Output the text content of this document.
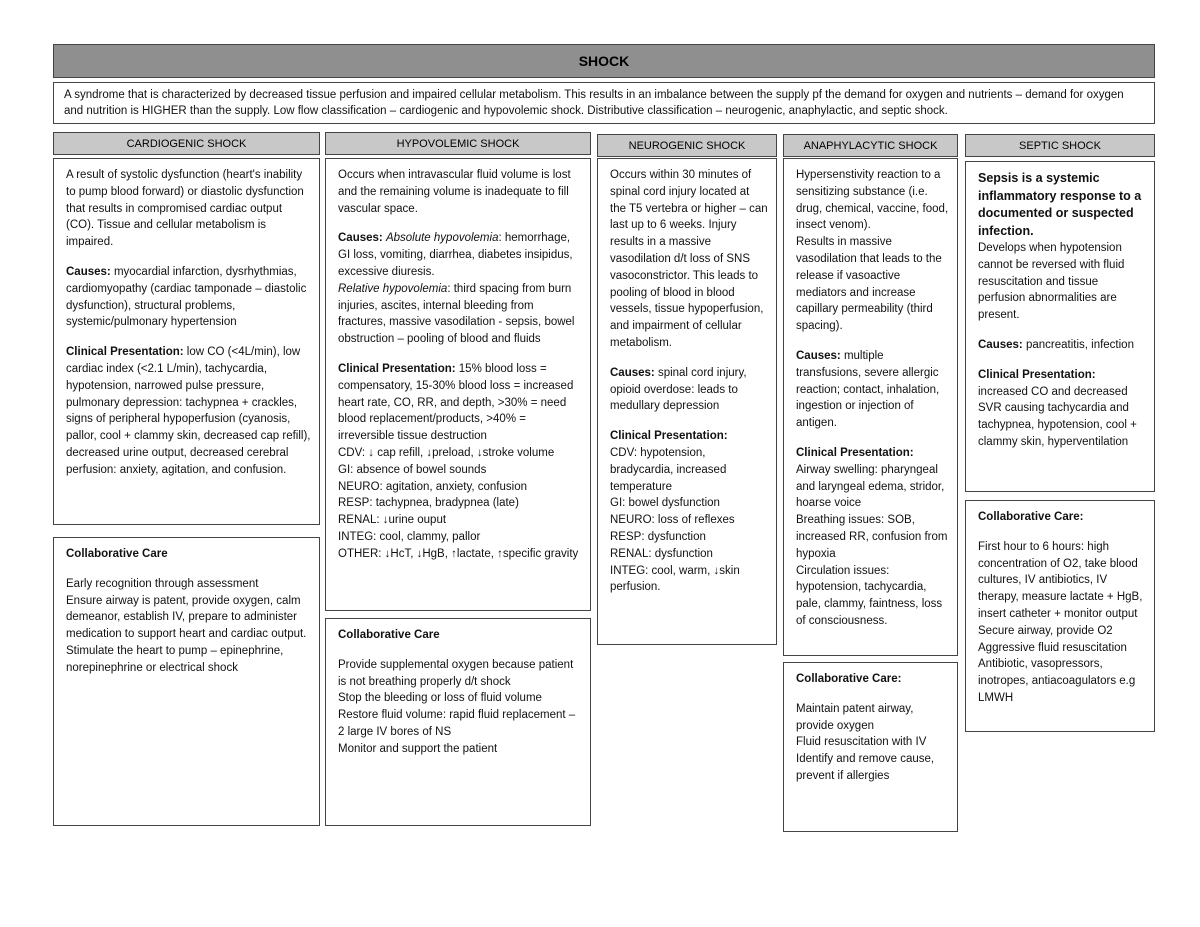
SHOCK
A syndrome that is characterized by decreased tissue perfusion and impaired cellular metabolism. This results in an imbalance between the supply pf the demand for oxygen and nutrients – demand for oxygen and nutrition is HIGHER than the supply. Low flow classification – cardiogenic and hypovolemic shock. Distributive classification – neurogenic, anaphylactic, and septic shock.
CARDIOGENIC SHOCK

A result of systolic dysfunction (heart's inability to pump blood forward) or diastolic dysfunction that results in compromised cardiac output (CO). Tissue and cellular metabolism is impaired.

Causes: myocardial infarction, dysrhythmias, cardiomyopathy (cardiac tamponade – diastolic dysfunction), structural problems, systemic/pulmonary hypertension

Clinical Presentation: low CO (<4L/min), low cardiac index (<2.1 L/min), tachycardia, hypotension, narrowed pulse pressure, pulmonary depression: tachypnea + crackles, signs of peripheral hypoperfusion (cyanosis, pallor, cool + clammy skin, decreased cap refill), decreased urine output, decreased cerebral perfusion: anxiety, agitation, and confusion.

Collaborative Care

Early recognition through assessment

Ensure airway is patent, provide oxygen, calm demeanor, establish IV, prepare to administer medication to support heart and cardiac output.

Stimulate the heart to pump – epinephrine, norepinephrine or electrical shock

HYPOVOLEMIC SHOCK

Occurs when intravascular fluid volume is lost and the remaining volume is inadequate to fill vascular space.

Causes: Absolute hypovolemia: hemorrhage, GI loss, vomiting, diarrhea, diabetes insipidus, excessive diuresis.

Relative hypovolemia: third spacing from burn injuries, ascites, internal bleeding from fractures, massive vasodilation - sepsis, bowel obstruction – pooling of blood and fluids

Clinical Presentation: 15% blood loss = compensatory, 15-30% blood loss = increased heart rate, CO, RR, and depth, >30% = need blood replacement/products, >40% = irreversible tissue destruction

CDV: ↓ cap refill, ↓preload, ↓stroke volume

GI: absence of bowel sounds

NEURO: agitation, anxiety, confusion

RESP: tachypnea, bradypnea (late)

RENAL: ↓urine ouput

INTEG: cool, clammy, pallor

OTHER: ↓HcT, ↓HgB, ↑lactate, ↑specific gravity

Collaborative Care

Provide supplemental oxygen because patient is not breathing properly d/t shock

Stop the bleeding or loss of fluid volume

Restore fluid volume: rapid fluid replacement – 2 large IV bores of NS

Monitor and support the patient

NEUROGENIC SHOCK

Occurs within 30 minutes of spinal cord injury located at the T5 vertebra or higher – can last up to 6 weeks. Injury results in a massive vasodilation d/t loss of SNS vasoconstrictor. This leads to pooling of blood in blood vessels, tissue hypoperfusion, and impairment of cellular metabolism.

Causes: spinal cord injury, opioid overdose: leads to medullary depression

Clinical Presentation:

CDV: hypotension, bradycardia, increased temperature

GI: bowel dysfunction

NEURO: loss of reflexes

RESP: dysfunction

RENAL: dysfunction

INTEG: cool, warm, ↓skin perfusion.

ANAPHYLACYTIC SHOCK

Hypersenstivity reaction to a sensitizing substance (i.e. drug, chemical, vaccine, food, insect venom).

Results in massive vasodilation that leads to the release if vasoactive mediators and increase capillary permeability (third spacing).

Causes: multiple transfusions, severe allergic reaction; contact, inhalation, ingestion or injection of antigen.

Clinical Presentation:

Airway swelling: pharyngeal and laryngeal edema, stridor, hoarse voice

Breathing issues: SOB, increased RR, confusion from hypoxia

Circulation issues: hypotension, tachycardia, pale, clammy, faintness, loss of consciousness.

Collaborative Care:

Maintain patent airway, provide oxygen

Fluid resuscitation with IV

Identify and remove cause, prevent if allergies

SEPTIC SHOCK

Sepsis is a systemic inflammatory response to a documented or suspected infection.

Develops when hypotension cannot be reversed with fluid resuscitation and tissue perfusion abnormalities are present.

Causes: pancreatitis, infection

Clinical Presentation:

increased CO and decreased SVR causing tachycardia and tachypnea, hypotension, cool + clammy skin, hyperventilation

Collaborative Care:

First hour to 6 hours: high concentration of O2, take blood cultures, IV antibiotics, IV therapy, measure lactate + HgB, insert catheter + monitor output

Secure airway, provide O2

Aggressive fluid resuscitation

Antibiotic, vasopressors, inotropes, antiacoagulators e.g LMWH
